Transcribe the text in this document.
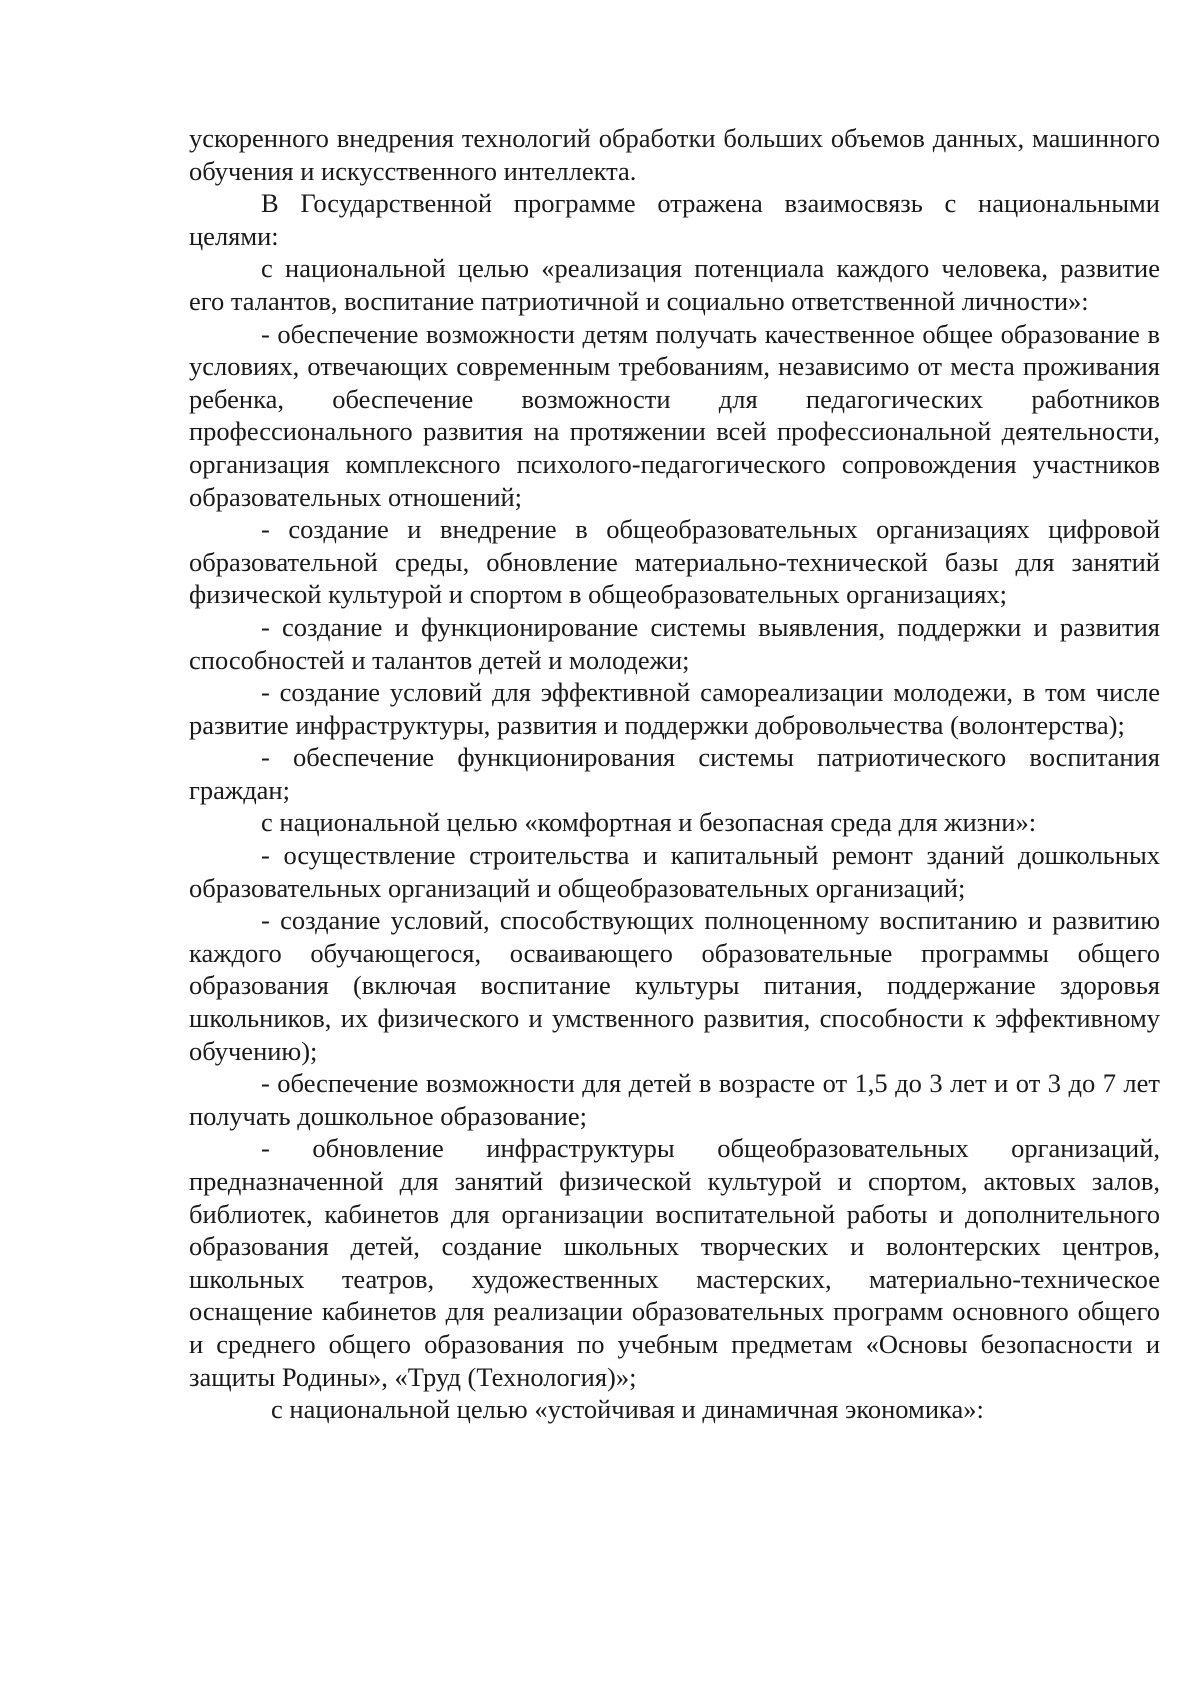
ускоренного внедрения технологий обработки больших объемов данных, машинного обучения и искусственного интеллекта.

В Государственной программе отражена взаимосвязь с национальными целями:

с национальной целью «реализация потенциала каждого человека, развитие его талантов, воспитание патриотичной и социально ответственной личности»:

- обеспечение возможности детям получать качественное общее образование в условиях, отвечающих современным требованиям, независимо от места проживания ребенка, обеспечение возможности для педагогических работников профессионального развития на протяжении всей профессиональной деятельности, организация комплексного психолого-педагогического сопровождения участников образовательных отношений;

- создание и внедрение в общеобразовательных организациях цифровой образовательной среды, обновление материально-технической базы для занятий физической культурой и спортом в общеобразовательных организациях;

- создание и функционирование системы выявления, поддержки и развития способностей и талантов детей и молодежи;

- создание условий для эффективной самореализации молодежи, в том числе развитие инфраструктуры, развития и поддержки добровольчества (волонтерства);

- обеспечение функционирования системы патриотического воспитания граждан;

с национальной целью «комфортная и безопасная среда для жизни»:

- осуществление строительства и капитальный ремонт зданий дошкольных образовательных организаций и общеобразовательных организаций;

- создание условий, способствующих полноценному воспитанию и развитию каждого обучающегося, осваивающего образовательные программы общего образования (включая воспитание культуры питания, поддержание здоровья школьников, их физического и умственного развития, способности к эффективному обучению);

- обеспечение возможности для детей в возрасте от 1,5 до 3 лет и от 3 до 7 лет получать дошкольное образование;

- обновление инфраструктуры общеобразовательных организаций, предназначенной для занятий физической культурой и спортом, актовых залов, библиотек, кабинетов для организации воспитательной работы и дополнительного образования детей, создание школьных творческих и волонтерских центров, школьных театров, художественных мастерских, материально-техническое оснащение кабинетов для реализации образовательных программ основного общего и среднего общего образования по учебным предметам «Основы безопасности и защиты Родины», «Труд (Технология)»;

с национальной целью «устойчивая и динамичная экономика»:
